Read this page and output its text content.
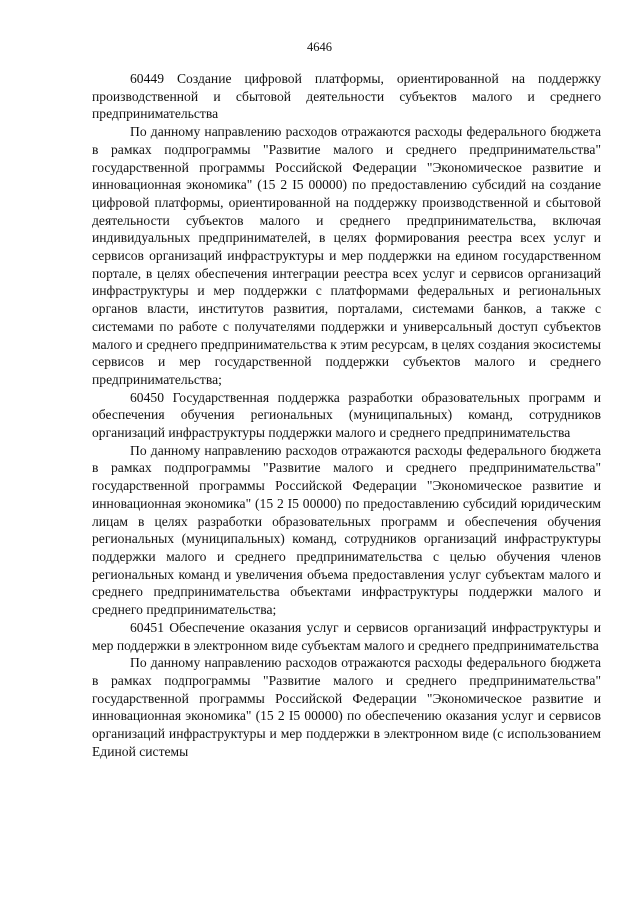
4646

60449 Создание цифровой платформы, ориентированной на поддержку производственной и сбытовой деятельности субъектов малого и среднего предпринимательства

По данному направлению расходов отражаются расходы федерального бюджета в рамках подпрограммы "Развитие малого и среднего предпринимательства" государственной программы Российской Федерации "Экономическое развитие и инновационная экономика" (15 2 I5 00000) по предоставлению субсидий на создание цифровой платформы, ориентированной на поддержку производственной и сбытовой деятельности субъектов малого и среднего предпринимательства, включая индивидуальных предпринимателей, в целях формирования реестра всех услуг и сервисов организаций инфраструктуры и мер поддержки на едином государственном портале, в целях обеспечения интеграции реестра всех услуг и сервисов организаций инфраструктуры и мер поддержки с платформами федеральных и региональных органов власти, институтов развития, порталами, системами банков, а также с системами по работе с получателями поддержки и универсальный доступ субъектов малого и среднего предпринимательства к этим ресурсам, в целях создания экосистемы сервисов и мер государственной поддержки субъектов малого и среднего предпринимательства;

60450 Государственная поддержка разработки образовательных программ и обеспечения обучения региональных (муниципальных) команд, сотрудников организаций инфраструктуры поддержки малого и среднего предпринимательства

По данному направлению расходов отражаются расходы федерального бюджета в рамках подпрограммы "Развитие малого и среднего предпринимательства" государственной программы Российской Федерации "Экономическое развитие и инновационная экономика" (15 2 I5 00000) по предоставлению субсидий юридическим лицам в целях разработки образовательных программ и обеспечения обучения региональных (муниципальных) команд, сотрудников организаций инфраструктуры поддержки малого и среднего предпринимательства с целью обучения членов региональных команд и увеличения объема предоставления услуг субъектам малого и среднего предпринимательства объектами инфраструктуры поддержки малого и среднего предпринимательства;

60451 Обеспечение оказания услуг и сервисов организаций инфраструктуры и мер поддержки в электронном виде субъектам малого и среднего предпринимательства

По данному направлению расходов отражаются расходы федерального бюджета в рамках подпрограммы "Развитие малого и среднего предпринимательства" государственной программы Российской Федерации "Экономическое развитие и инновационная экономика" (15 2 I5 00000) по обеспечению оказания услуг и сервисов организаций инфраструктуры и мер поддержки в электронном виде (с использованием Единой системы
